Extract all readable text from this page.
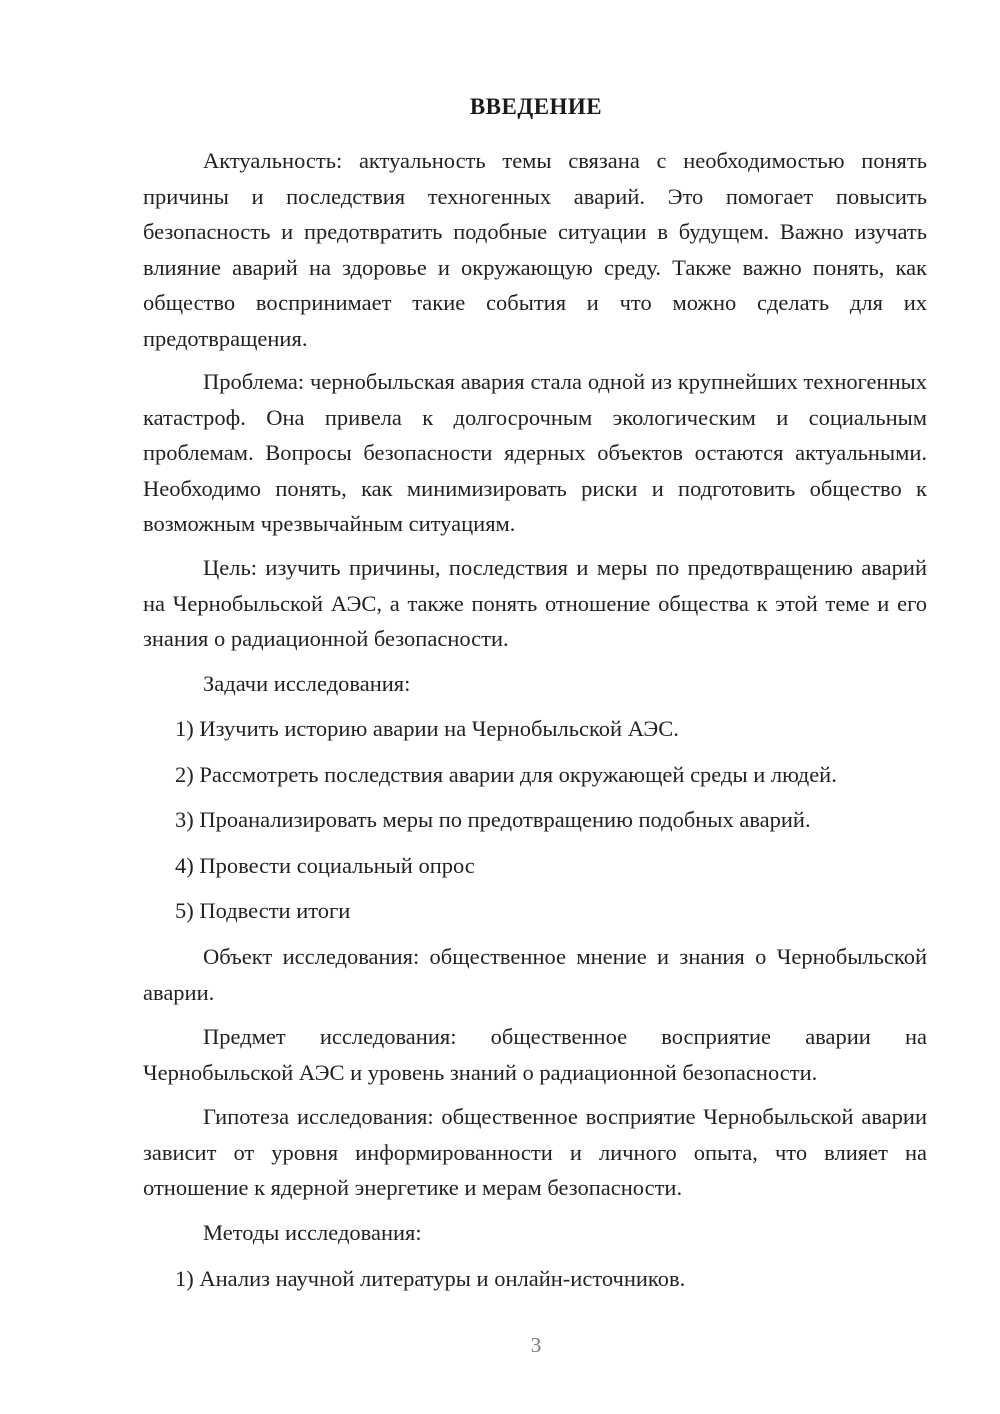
ВВЕДЕНИЕ

Актуальность: актуальность темы связана с необходимостью понять причины и последствия техногенных аварий. Это помогает повысить безопасность и предотвратить подобные ситуации в будущем. Важно изучать влияние аварий на здоровье и окружающую среду. Также важно понять, как общество воспринимает такие события и что можно сделать для их предотвращения.

Проблема: чернобыльская авария стала одной из крупнейших техногенных катастроф. Она привела к долгосрочным экологическим и социальным проблемам. Вопросы безопасности ядерных объектов остаются актуальными. Необходимо понять, как минимизировать риски и подготовить общество к возможным чрезвычайным ситуациям.

Цель: изучить причины, последствия и меры по предотвращению аварий на Чернобыльской АЭС, а также понять отношение общества к этой теме и его знания о радиационной безопасности.

Задачи исследования:

1) Изучить историю аварии на Чернобыльской АЭС.

2) Рассмотреть последствия аварии для окружающей среды и людей.

3) Проанализировать меры по предотвращению подобных аварий.

4) Провести социальный опрос

5) Подвести итоги

Объект исследования: общественное мнение и знания о Чернобыльской аварии.

Предмет исследования: общественное восприятие аварии на Чернобыльской АЭС и уровень знаний о радиационной безопасности.

Гипотеза исследования: общественное восприятие Чернобыльской аварии зависит от уровня информированности и личного опыта, что влияет на отношение к ядерной энергетике и мерам безопасности.

Методы исследования:

1) Анализ научной литературы и онлайн-источников.

3
